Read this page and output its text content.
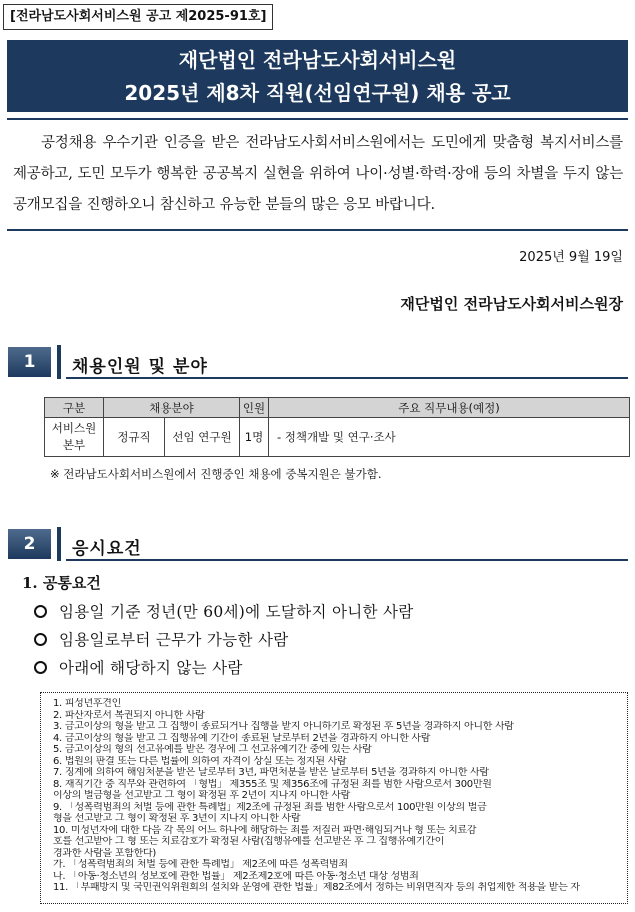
[전라남도사회서비스원 공고 제2025-91호]
재단법인 전라남도사회서비스원
2025년 제8차 직원(선임연구원) 채용 공고
공정채용 우수기관 인증을 받은 전라남도사회서비스원에서는 도민에게 맞춤형 복지서비스를 제공하고, 도민 모두가 행복한 공공복지 실현을 위하여 나이·성별·학력·장애 등의 차별을 두지 않는 공개모집을 진행하오니 참신하고 유능한 분들의 많은 응모 바랍니다.
2025년 9월 19일
재단법인 전라남도사회서비스원장
1	채용인원 및 분야
구분	채용분야		인원	주요 직무내용(예정)
서비스원 본부	정규직	선임 연구원	1명	- 정책개발 및 연구·조사
※ 전라남도사회서비스원에서 진행중인 채용에 중복지원은 불가함.
2	응시요건
1. 공통요건
임용일 기준 정년(만 60세)에 도달하지 아니한 사람
임용일로부터 근무가 가능한 사람
아래에 해당하지 않는 사람
1. 피성년후견인
2. 파산자로서 복권되지 아니한 사람
3. 금고이상의 형을 받고 그 집행이 종료되거나 집행을 받지 아니하기로 확정된 후 5년을 경과하지 아니한 사람
4. 금고이상의 형을 받고 그 집행유예 기간이 종료된 날로부터 2년을 경과하지 아니한 사람
5. 금고이상의 형의 선고유예를 받은 경우에 그 선고유예기간 중에 있는 사람
6. 법원의 판결 또는 다른 법률에 의하여 자격이 상실 또는 정지된 사람
7. 징계에 의하여 해임처분을 받은 날로부터 3년, 파면처분을 받은 날로부터 5년을 경과하지 아니한 사람
8. 재직기간 중 직무와 관련하여 「형법」 제355조 및 제356조에 규정된 죄를 범한 사람으로서 300만원
이상의 벌금형을 선고받고 그 형이 확정된 후 2년이 지나지 아니한 사람
9. 「성폭력범죄의 처벌 등에 관한 특례법」제2조에 규정된 죄를 범한 사람으로서 100만원 이상의 벌금
형을 선고받고 그 형이 확정된 후 3년이 지나지 아니한 사람
10. 미성년자에 대한 다음 각 목의 어느 하나에 해당하는 죄를 저질러 파면·해임되거나 형 또는 치료감
호를 선고받아 그 형 또는 치료감호가 확정된 사람(집행유예를 선고받은 후 그 집행유예기간이
경과한 사람을 포함한다)
가. 「성폭력범죄의 처벌 등에 관한 특례법」 제2조에 따른 성폭력범죄
나. 「아동·청소년의 성보호에 관한 법률」 제2조제2호에 따른 아동·청소년 대상 성범죄
11. 「부패방지 및 국민권익위원회의 설치와 운영에 관한 법률」제82조에서 정하는 비위면직자 등의 취업제한 적용을 받는 자
